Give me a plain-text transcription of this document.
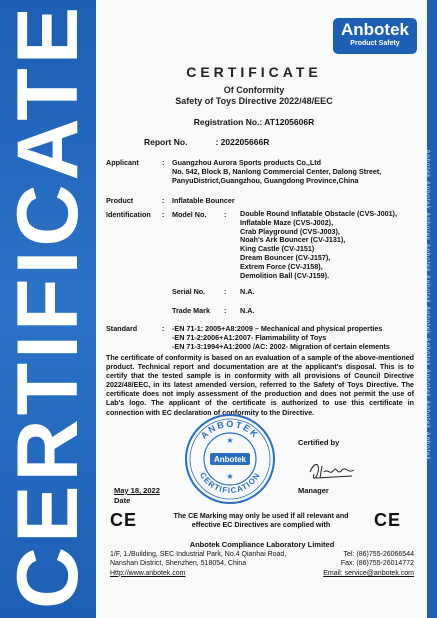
CERTIFICATE	Anbotek Anbotek Anbotek Anbotek Anbotek Anbotek Anbotek Anbotek Anbotek Anbotek
Anbotek
Product Safety
CERTIFICATE
Of Conformity
Safety of Toys Directive 2022/48/EEC
Registration No.: AT1205606R
Report No.	: 202205666R
Applicant	: Guangzhou Aurora Sports products Co.,Ltd
No. 542, Block B, Nanlong Commercial Center, Dalong Street,
PanyuDistrict,Guangzhou, Guangdong Province,China
Product	: Inflatable Bouncer
Identification : Model No.	: Double Round Inflatable Obstacle (CVS-J001),
Inflatable Maze (CVS-J002),
Crab Playground (CVS-J003),
Noah's Ark Bouncer (CV-J131),
King Castle (CV-J151)
Dream Bouncer (CV-J157),
Extrem Force (CV-J158),
Demolition Ball (CV-J159).
Serial No.	: N.A.
Trade Mark	: N.A.
Standard	: -EN 71-1: 2005+A8:2009 – Mechanical and physical properties
-EN 71-2:2006+A1:2007- Flammability of Toys
-EN 71-3:1994+A1:2000 /AC: 2002- Migration of certain elements
The certificate of conformity is based on an evaluation of a sample of the above-mentioned product. Technical report and documentation are at the applicant's disposal. This is to certify that the tested sample is in conformity with all provisions of Council Directive 2022/48/EEC, in its latest amended version, referred to the Safety of Toys Directive. The certificate does not imply assessment of the production and does not permit the use of Lab's logo. The applicant of the certificate is authorized to use this certificate in connection with EC declaration of conformity to the Directive.
Certified by
Manager
ANBOTEK
CERTIFICATION
Anbotek
★
★
May 18, 2022
Date
CE	The CE Marking may only be used if all relevant and
effective EC Directives are complied with	CE
Anbotek Compliance Laboratory Limited
1/F, 1./Building, SEC Industrial Park, No.4 Qianhai Road,
Nanshan District, Shenzhen, 518054, China
Http://www.anbotek.com
Tel: (86)755-26066544
Fax: (86)755-26014772
Email: service@anbotek.com
